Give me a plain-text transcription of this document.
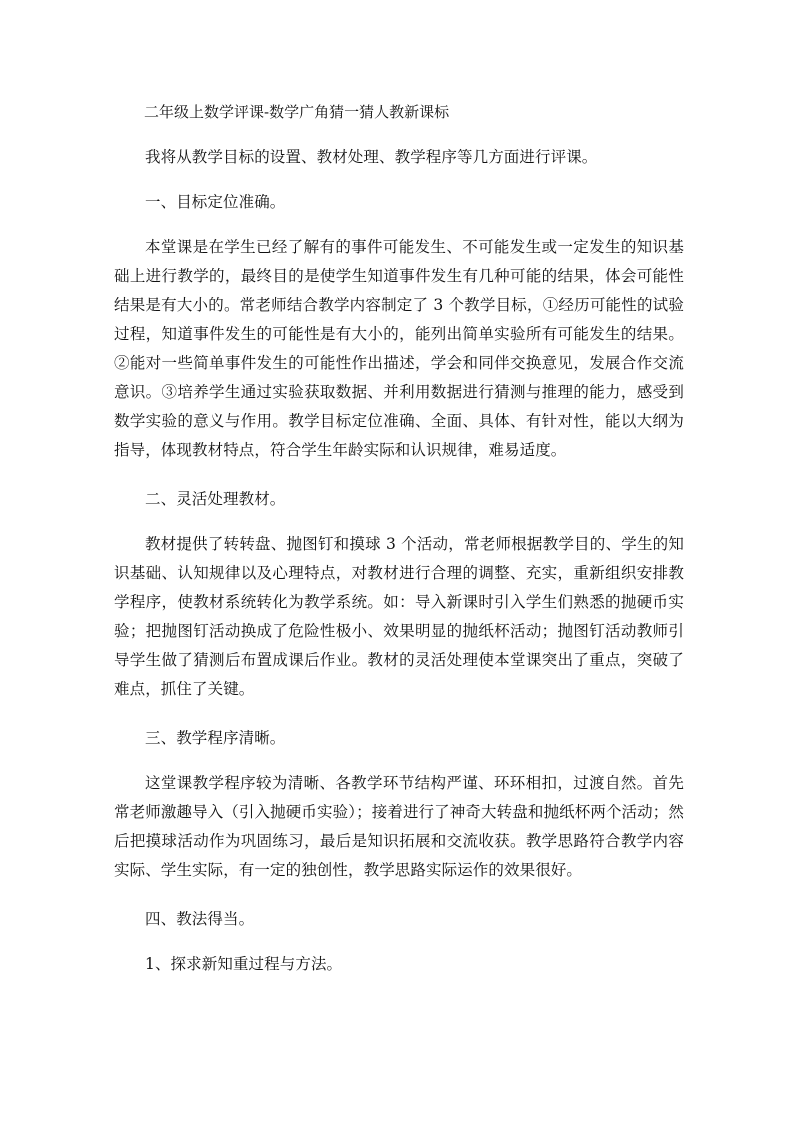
二年级上数学评课-数学广角猜一猜人教新课标

我将从教学目标的设置、教材处理、教学程序等几方面进行评课。

一、目标定位准确。

本堂课是在学生已经了解有的事件可能发生、不可能发生或一定发生的知识基础上进行教学的，最终目的是使学生知道事件发生有几种可能的结果，体会可能性结果是有大小的。常老师结合教学内容制定了 3 个教学目标，①经历可能性的试验过程，知道事件发生的可能性是有大小的，能列出简单实验所有可能发生的结果。②能对一些简单事件发生的可能性作出描述，学会和同伴交换意见，发展合作交流意识。③培养学生通过实验获取数据、并利用数据进行猜测与推理的能力，感受到数学实验的意义与作用。教学目标定位准确、全面、具体、有针对性，能以大纲为指导，体现教材特点，符合学生年龄实际和认识规律，难易适度。

二、灵活处理教材。

教材提供了转转盘、抛图钉和摸球 3 个活动，常老师根据教学目的、学生的知识基础、认知规律以及心理特点，对教材进行合理的调整、充实，重新组织安排教学程序，使教材系统转化为教学系统。如：导入新课时引入学生们熟悉的抛硬币实验；把抛图钉活动换成了危险性极小、效果明显的抛纸杯活动；抛图钉活动教师引导学生做了猜测后布置成课后作业。教材的灵活处理使本堂课突出了重点，突破了难点，抓住了关键。

三、教学程序清晰。

这堂课教学程序较为清晰、各教学环节结构严谨、环环相扣，过渡自然。首先常老师激趣导入（引入抛硬币实验）；接着进行了神奇大转盘和抛纸杯两个活动；然后把摸球活动作为巩固练习，最后是知识拓展和交流收获。教学思路符合教学内容实际、学生实际，有一定的独创性，教学思路实际运作的效果很好。

四、教法得当。

1、探求新知重过程与方法。
